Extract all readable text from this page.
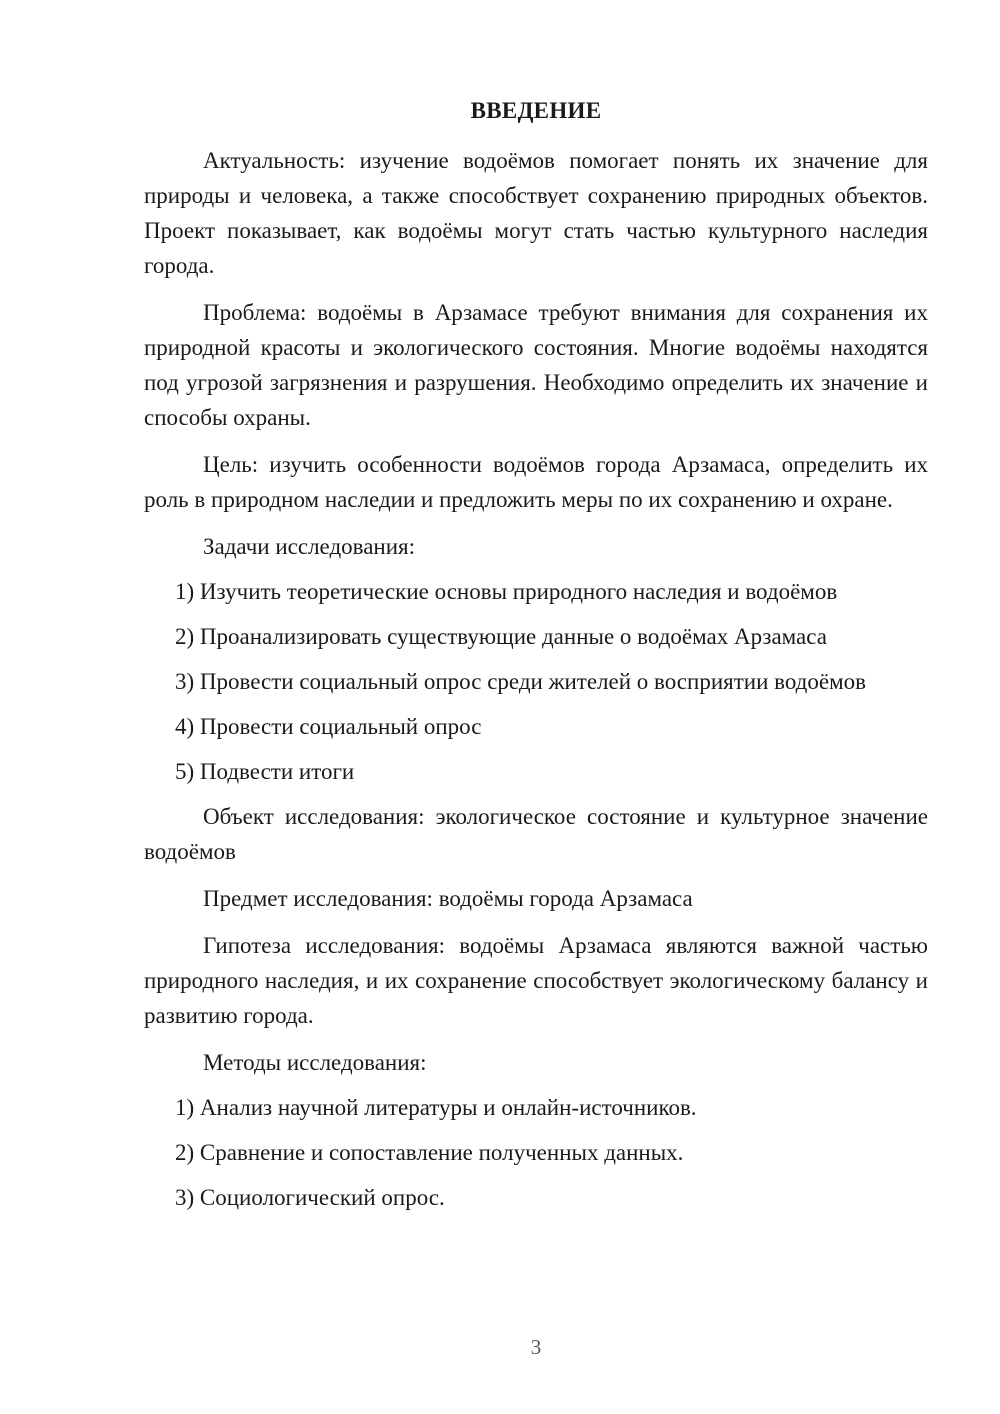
ВВЕДЕНИЕ

Актуальность: изучение водоёмов помогает понять их значение для природы и человека, а также способствует сохранению природных объектов. Проект показывает, как водоёмы могут стать частью культурного наследия города.

Проблема: водоёмы в Арзамасе требуют внимания для сохранения их природной красоты и экологического состояния. Многие водоёмы находятся под угрозой загрязнения и разрушения. Необходимо определить их значение и способы охраны.

Цель: изучить особенности водоёмов города Арзамаса, определить их роль в природном наследии и предложить меры по их сохранению и охране.

Задачи исследования:

1) Изучить теоретические основы природного наследия и водоёмов
2) Проанализировать существующие данные о водоёмах Арзамаса
3) Провести социальный опрос среди жителей о восприятии водоёмов
4) Провести социальный опрос
5) Подвести итоги

Объект исследования: экологическое состояние и культурное значение водоёмов

Предмет исследования: водоёмы города Арзамаса

Гипотеза исследования: водоёмы Арзамаса являются важной частью природного наследия, и их сохранение способствует экологическому балансу и развитию города.

Методы исследования:

1) Анализ научной литературы и онлайн-источников.
2) Сравнение и сопоставление полученных данных.
3) Социологический опрос.
3
